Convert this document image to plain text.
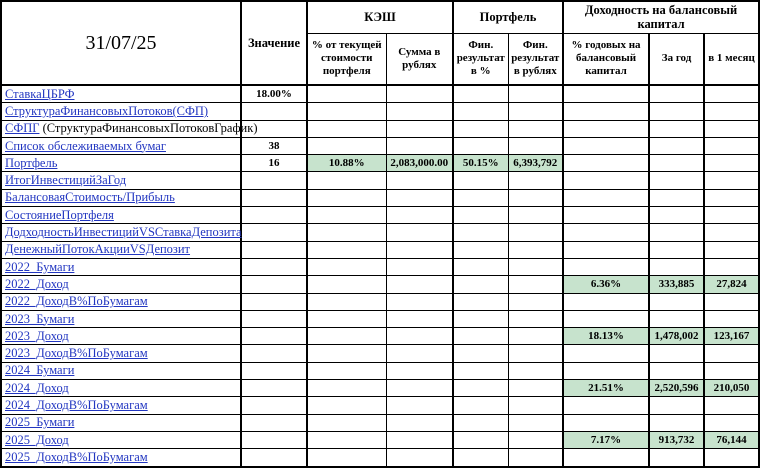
31/07/25	Значение	КЭШ		Портфель		Доходность на балансовый капитал		
		% от текущей стоимости портфеля	Сумма в рублях	Фин. результат в %	Фин. результат в рублях	% годовых на балансовый капитал	За год	в 1 месяц
СтавкаЦБРФ	18.00%							
СтруктураФинансовыхПотоков(СФП)								
СФПГ (СтруктураФинансовыхПотоковГрафик)								
Список обслеживаемых бумаг	38							
Портфель	16	10.88%	2,083,000.00	50.15%	6,393,792			
ИтогИнвестицийЗаГод								
БалансоваяСтоимость/Прибыль								
СостояниеПортфеля								
ДодходностьИнвестицийVSСтавкаДепозита								
ДенежныйПотокАкцииVSДепозит								
2022_Бумаги								
2022_Доход						6.36%	333,885	27,824
2022_ДоходВ%ПоБумагам								
2023_Бумаги								
2023_Доход						18.13%	1,478,002	123,167
2023_ДоходВ%ПоБумагам								
2024_Бумаги								
2024_Доход						21.51%	2,520,596	210,050
2024_ДоходВ%ПоБумагам								
2025_Бумаги								
2025_Доход						7.17%	913,732	76,144
2025_ДоходВ%ПоБумагам								
